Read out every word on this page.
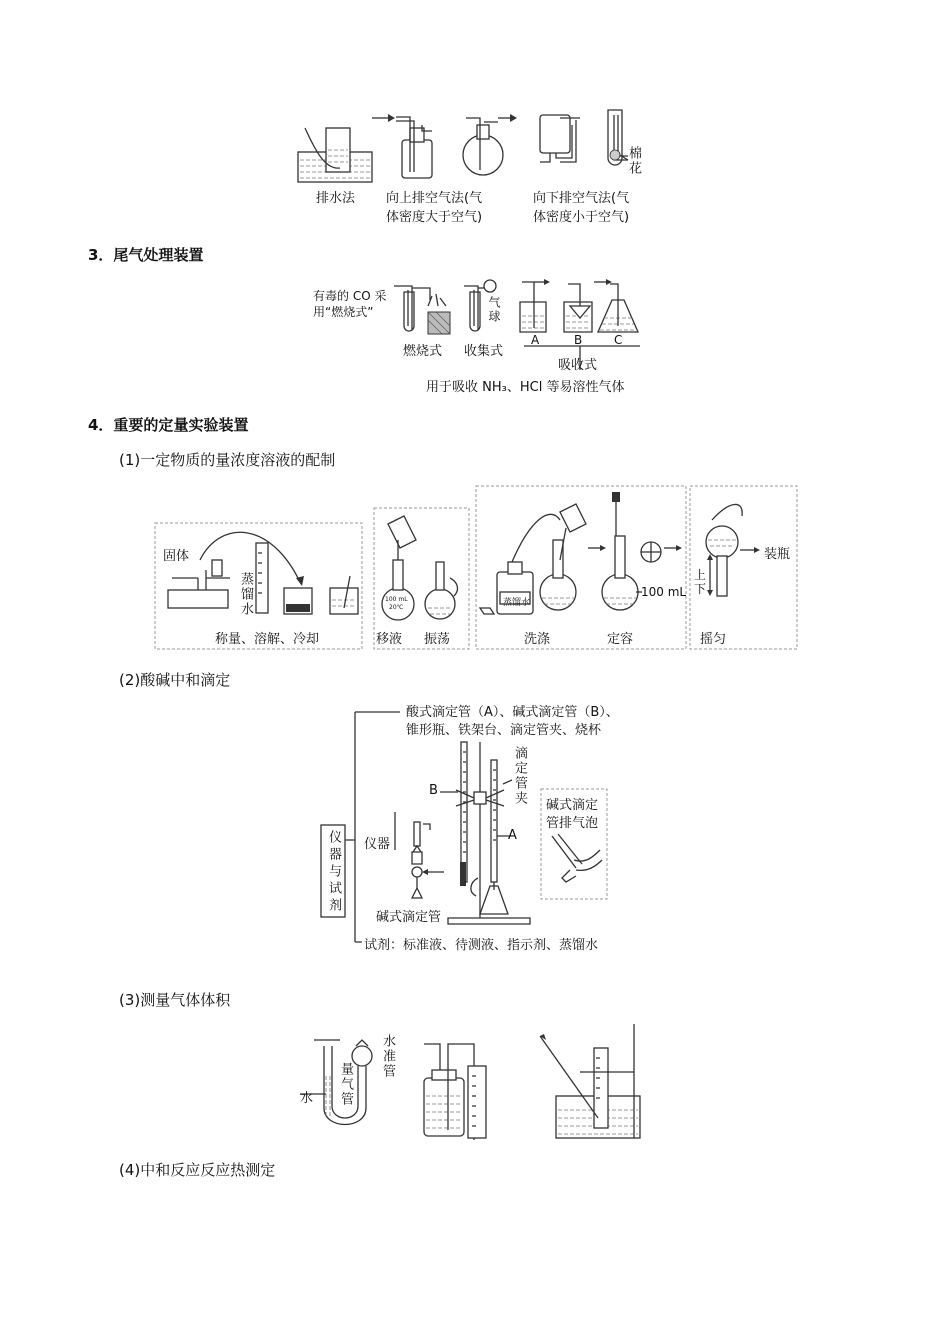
排水法 向上排空气法(气
体密度大于空气)
棉花
向下排空气法(气
体密度小于空气)
3．尾气处理装置
有毒的 CO 采
用“燃烧式”	气球
燃烧式 收集式
A	B	C
吸收式
用于吸收 NH₃、HCl 等易溶性气体
4．重要的定量实验装置
(1)一定物质的量浓度溶液的配制
固体
蒸馏水
称量、溶解、冷却
100 mL
20℃
移液 振荡
蒸馏水
洗涤
100 mL
定容
装瓶
上
下
摇匀
(2)酸碱中和滴定
酸式滴定管（A）、碱式滴定管（B）、
锥形瓶、铁架台、滴定管夹、烧杯
仪器与试剂 仪器
试剂：标准液、待测液、指示剂、蒸馏水
B
A
滴定管夹
碱式滴定管
碱式滴定
管排气泡
(3)测量气体体积
水 量气管
水准管
(4)中和反应反应热测定
